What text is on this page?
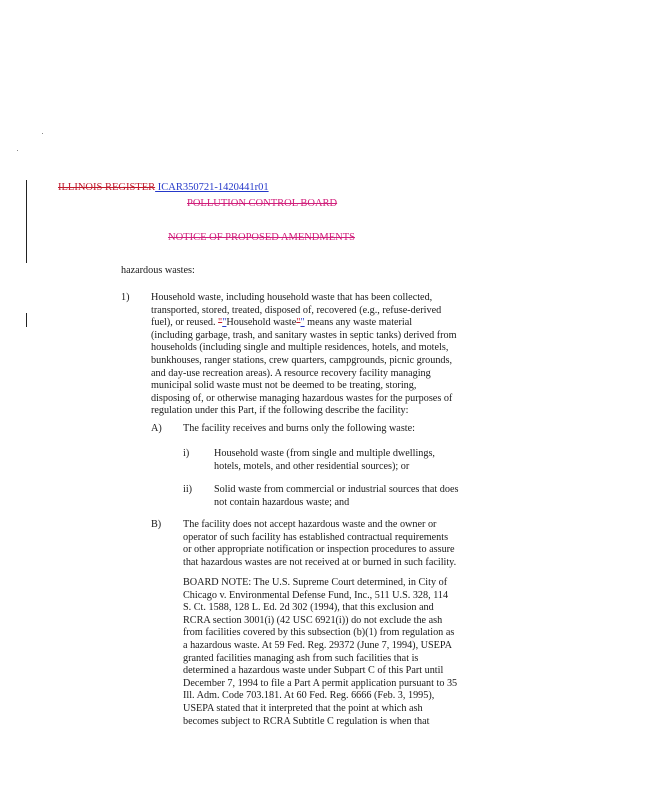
ILLINOIS REGISTER ICAR350721-1420441r01
POLLUTION CONTROL BOARD
NOTICE OF PROPOSED AMENDMENTS
hazardous wastes:
1) Household waste, including household waste that has been collected,
transported, stored, treated, disposed of, recovered (e.g., refuse-derived
fuel), or reused. ""Household waste"" means any waste material
(including garbage, trash, and sanitary wastes in septic tanks) derived from
households (including single and multiple residences, hotels, and motels,
bunkhouses, ranger stations, crew quarters, campgrounds, picnic grounds,
and day-use recreation areas). A resource recovery facility managing
municipal solid waste must not be deemed to be treating, storing,
disposing of, or otherwise managing hazardous wastes for the purposes of
regulation under this Part, if the following describe the facility:
A) The facility receives and burns only the following waste:
i) Household waste (from single and multiple dwellings,
hotels, motels, and other residential sources); or
ii) Solid waste from commercial or industrial sources that does
not contain hazardous waste; and
B) The facility does not accept hazardous waste and the owner or
operator of such facility has established contractual requirements
or other appropriate notification or inspection procedures to assure
that hazardous wastes are not received at or burned in such facility.
BOARD NOTE: The U.S. Supreme Court determined, in City of
Chicago v. Environmental Defense Fund, Inc., 511 U.S. 328, 114
S. Ct. 1588, 128 L. Ed. 2d 302 (1994), that this exclusion and
RCRA section 3001(i) (42 USC 6921(i)) do not exclude the ash
from facilities covered by this subsection (b)(1) from regulation as
a hazardous waste. At 59 Fed. Reg. 29372 (June 7, 1994), USEPA
granted facilities managing ash from such facilities that is
determined a hazardous waste under Subpart C of this Part until
December 7, 1994 to file a Part A permit application pursuant to 35
Ill. Adm. Code 703.181. At 60 Fed. Reg. 6666 (Feb. 3, 1995),
USEPA stated that it interpreted that the point at which ash
becomes subject to RCRA Subtitle C regulation is when that
